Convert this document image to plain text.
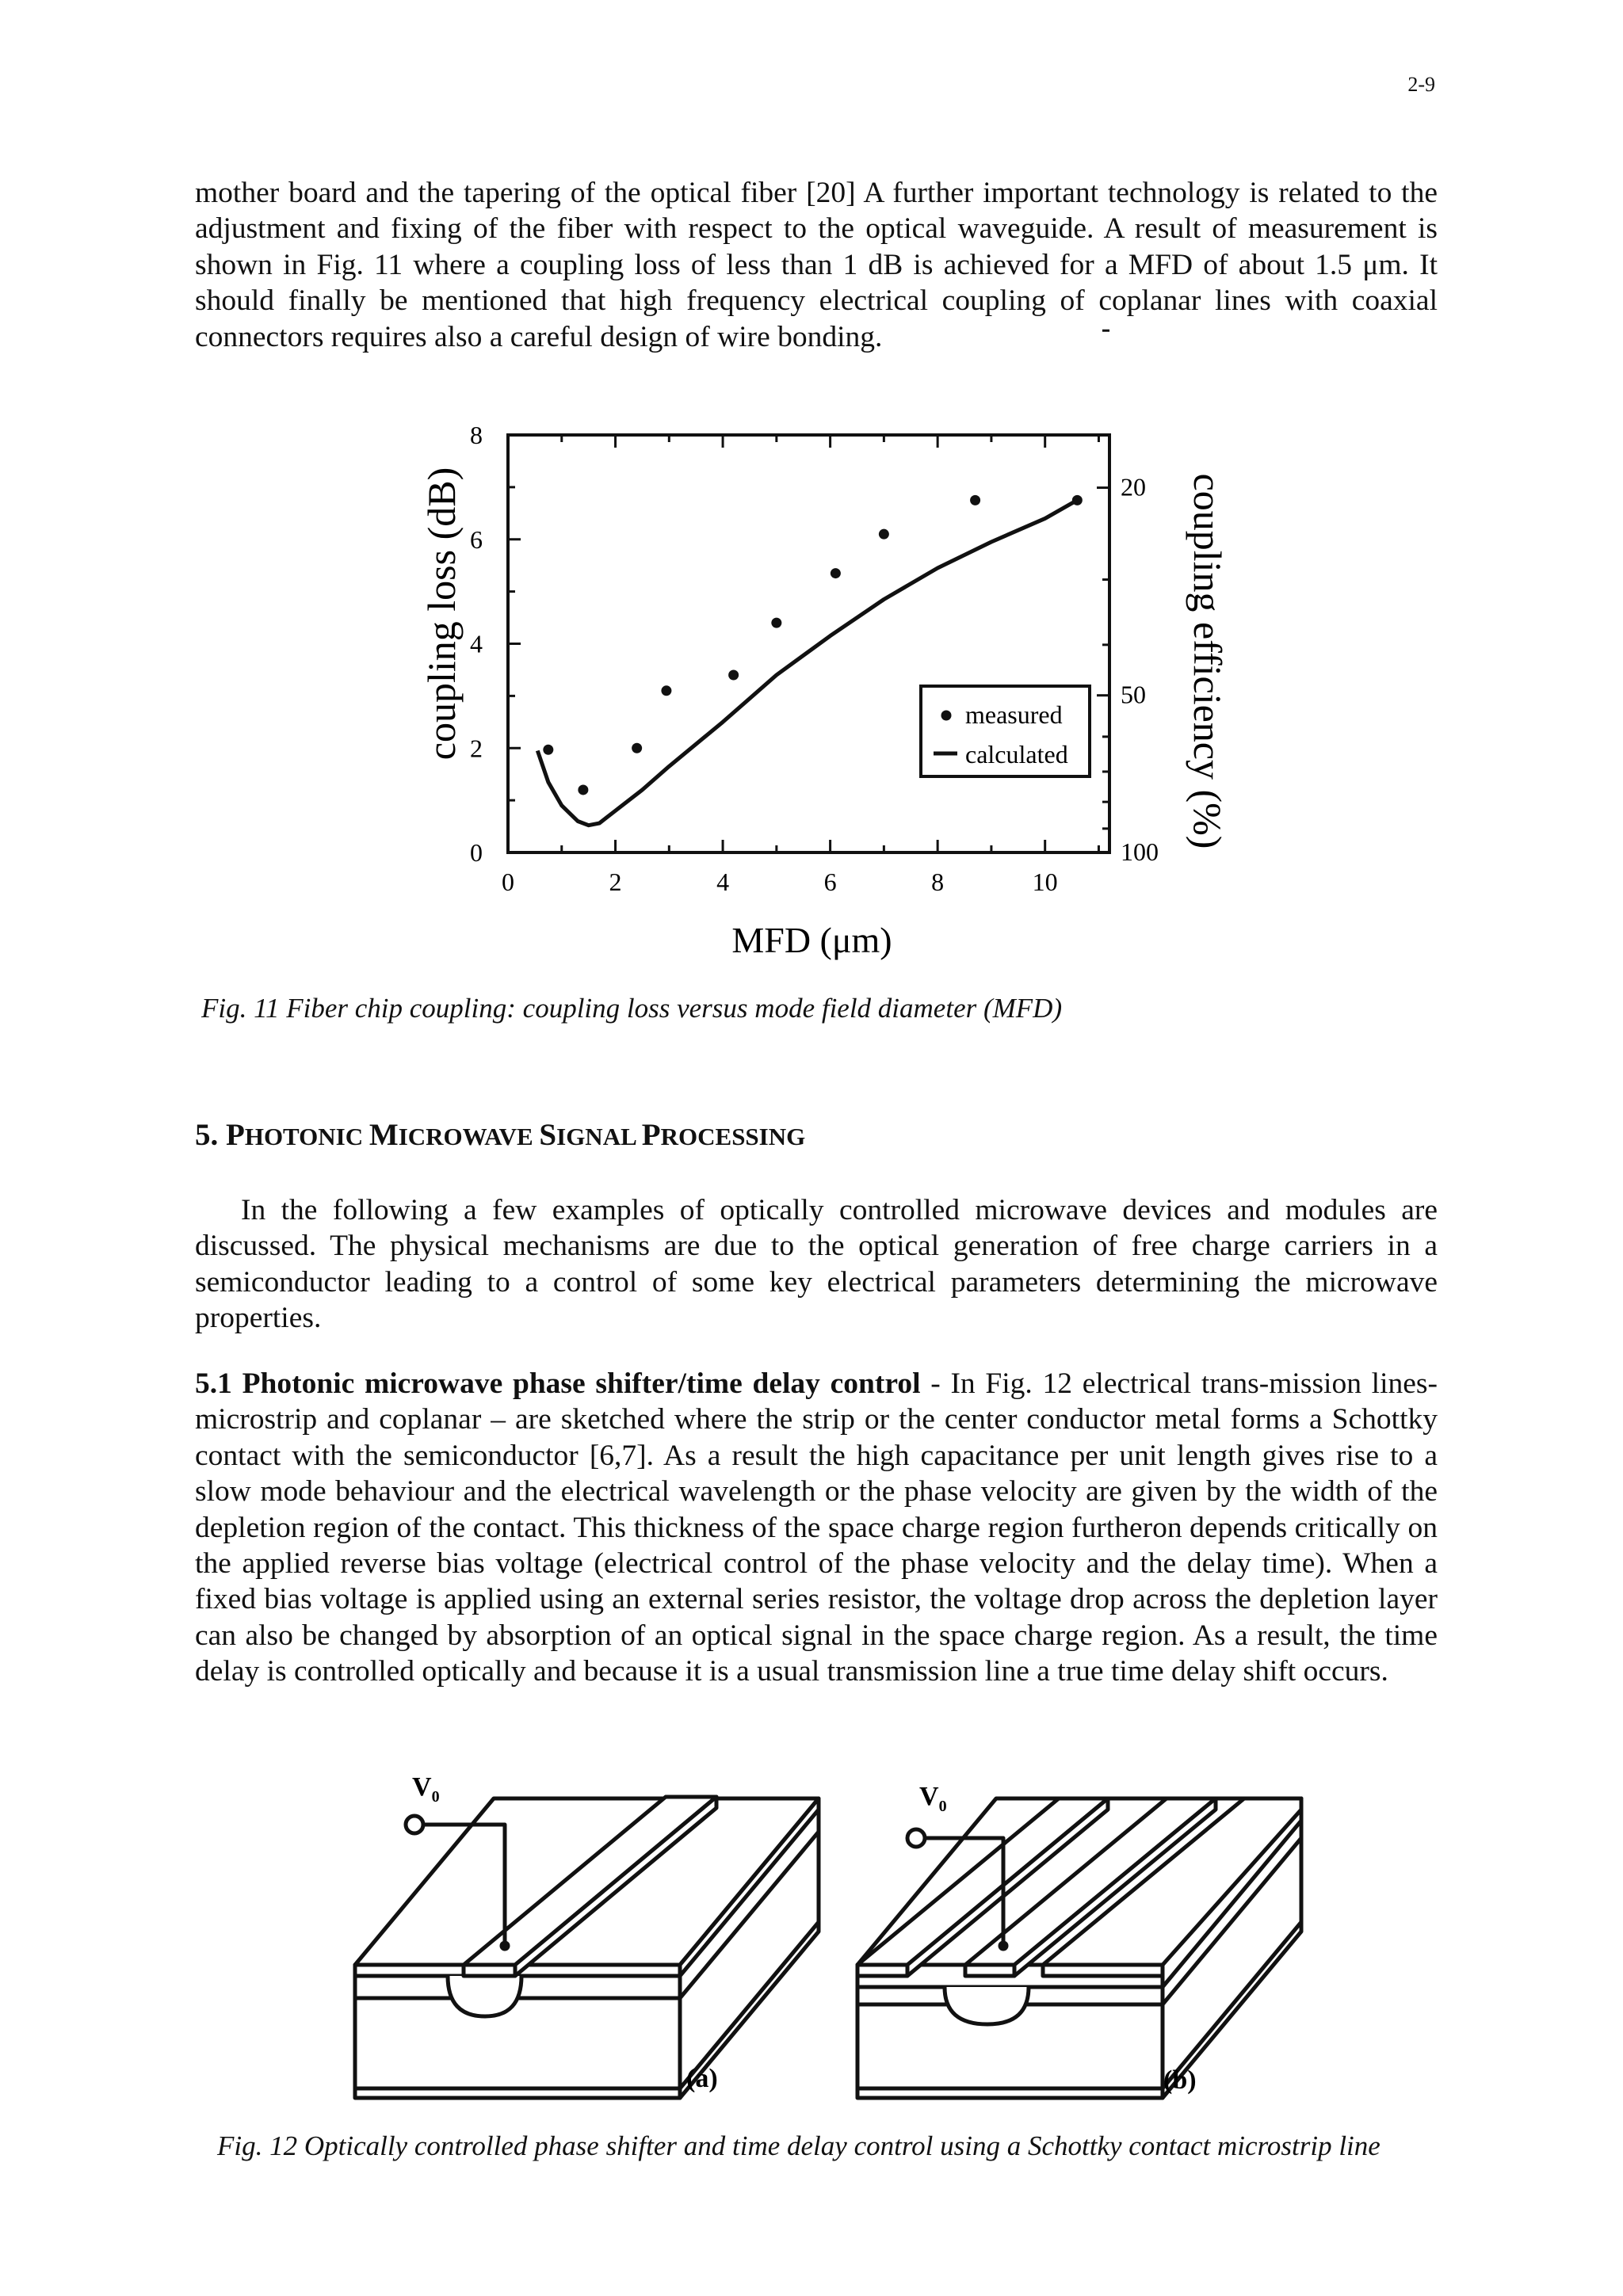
2-9

mother board and the tapering of the optical fiber [20] A further important technology is related to the adjustment and fixing of the fiber with respect to the optical waveguide. A result of measurement is shown in Fig. 11 where a coupling loss of less than 1 dB is achieved for a MFD of about 1.5 μm. It should finally be mentioned that high frequency electrical coupling of coplanar lines with coaxial connectors requires also a careful design of wire bonding.

0	2	4	6	8	10
0
2
4
6
8
20
50
100
MFD (μm)
coupling loss (dB)	coupling efficiency (%)
measured
calculated

Fig. 11 Fiber chip coupling: coupling loss versus mode field diameter (MFD)

5. PHOTONIC MICROWAVE SIGNAL PROCESSING

In the following a few examples of optically controlled microwave devices and modules are discussed. The physical mechanisms are due to the optical generation of free charge carriers in a semiconductor leading to a control of some key electrical parameters determining the microwave properties.

5.1 Photonic microwave phase shifter/time delay control - In Fig. 12 electrical trans-mission lines- microstrip and coplanar – are sketched where the strip or the center conductor metal forms a Schottky contact with the semiconductor [6,7]. As a result the high capacitance per unit length gives rise to a slow mode behaviour and the electrical wavelength or the phase velocity are given by the width of the depletion region of the contact. This thickness of the space charge region furtheron depends critically on the applied reverse bias voltage (electrical control of the phase velocity and the delay time). When a fixed bias voltage is applied using an external series resistor, the voltage drop across the depletion layer can also be changed by absorption of an optical signal in the space charge region. As a result, the time delay is controlled optically and because it is a usual transmission line a true time delay shift occurs.

$V_0$	$V_0$
(a)	(b)

Fig. 12 Optically controlled phase shifter and time delay control using a Schottky contact microstrip line
